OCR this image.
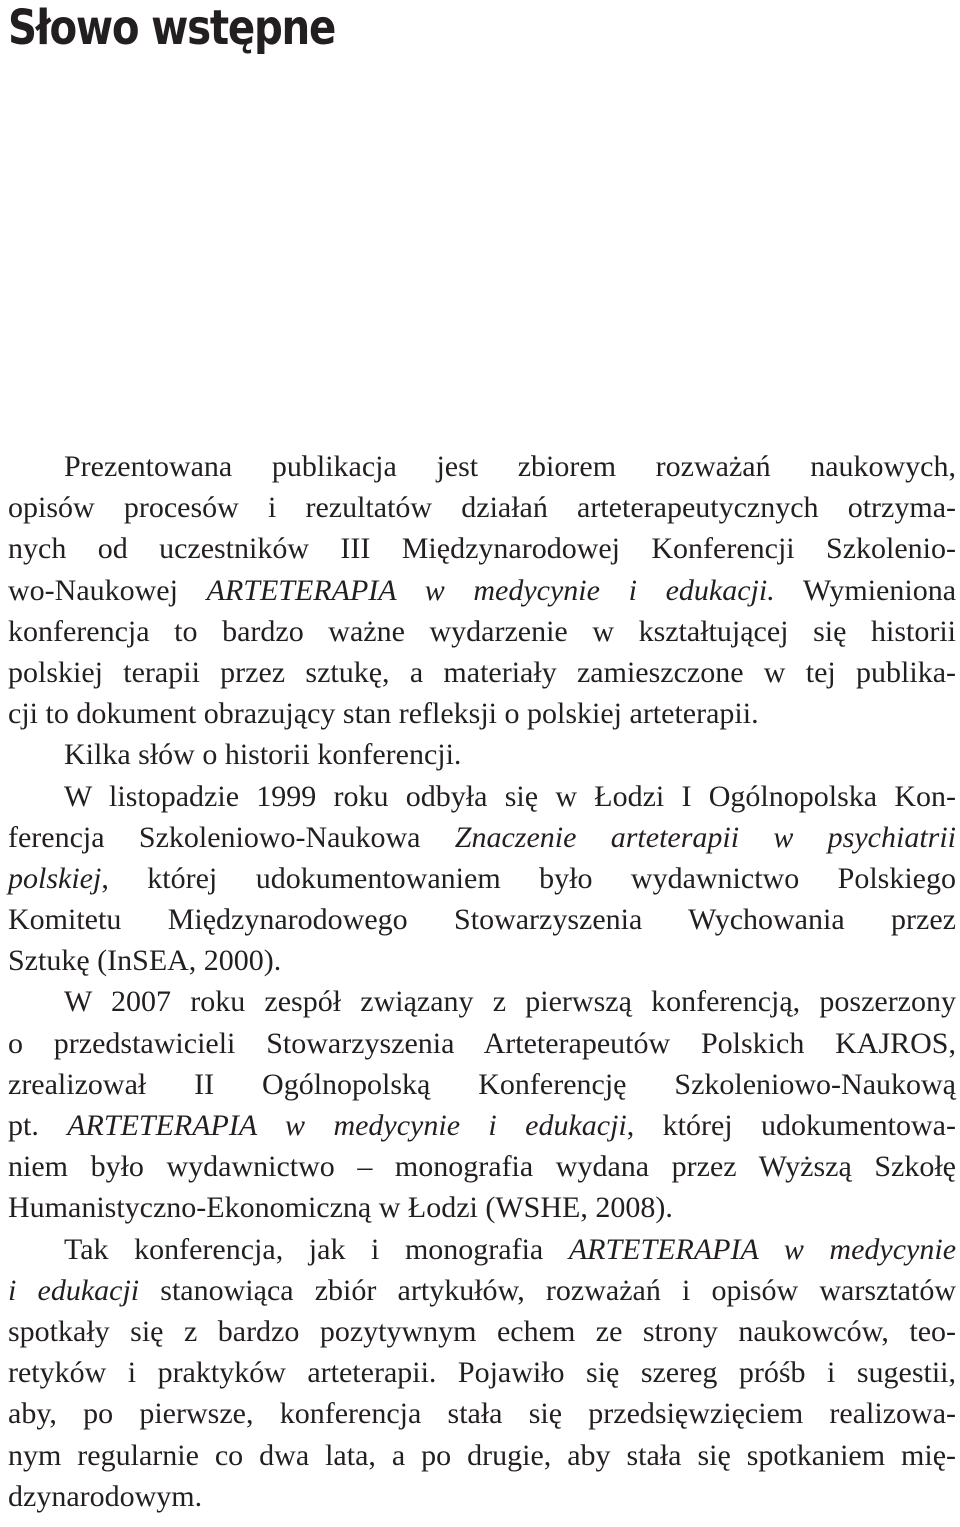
Słowo wstępne
Prezentowana publikacja jest zbiorem rozważań naukowych,
opisów procesów i rezultatów działań arteterapeutycznych otrzyma-
nych od uczestników III Międzynarodowej Konferencji Szkolenio-
wo-Naukowej ARTETERAPIA w medycynie i edukacji. Wymieniona
konferencja to bardzo ważne wydarzenie w kształtującej się historii
polskiej terapii przez sztukę, a materiały zamieszczone w tej publika-
cji to dokument obrazujący stan refleksji o polskiej arteterapii.
Kilka słów o historii konferencji.
W listopadzie 1999 roku odbyła się w Łodzi I Ogólnopolska Kon-
ferencja Szkoleniowo-Naukowa Znaczenie arteterapii w psychiatrii
polskiej, której udokumentowaniem było wydawnictwo Polskiego
Komitetu Międzynarodowego Stowarzyszenia Wychowania przez
Sztukę (InSEA, 2000).
W 2007 roku zespół związany z pierwszą konferencją, poszerzony
o przedstawicieli Stowarzyszenia Arteterapeutów Polskich KAJROS,
zrealizował II Ogólnopolską Konferencję Szkoleniowo-Naukową
pt. ARTETERAPIA w medycynie i edukacji, której udokumentowa-
niem było wydawnictwo – monografia wydana przez Wyższą Szkołę
Humanistyczno-Ekonomiczną w Łodzi (WSHE, 2008).
Tak konferencja, jak i monografia ARTETERAPIA w medycynie
i edukacji stanowiąca zbiór artykułów, rozważań i opisów warsztatów
spotkały się z bardzo pozytywnym echem ze strony naukowców, teo-
retyków i praktyków arteterapii. Pojawiło się szereg próśb i sugestii,
aby, po pierwsze, konferencja stała się przedsięwzięciem realizowa-
nym regularnie co dwa lata, a po drugie, aby stała się spotkaniem mię-
dzynarodowym.
